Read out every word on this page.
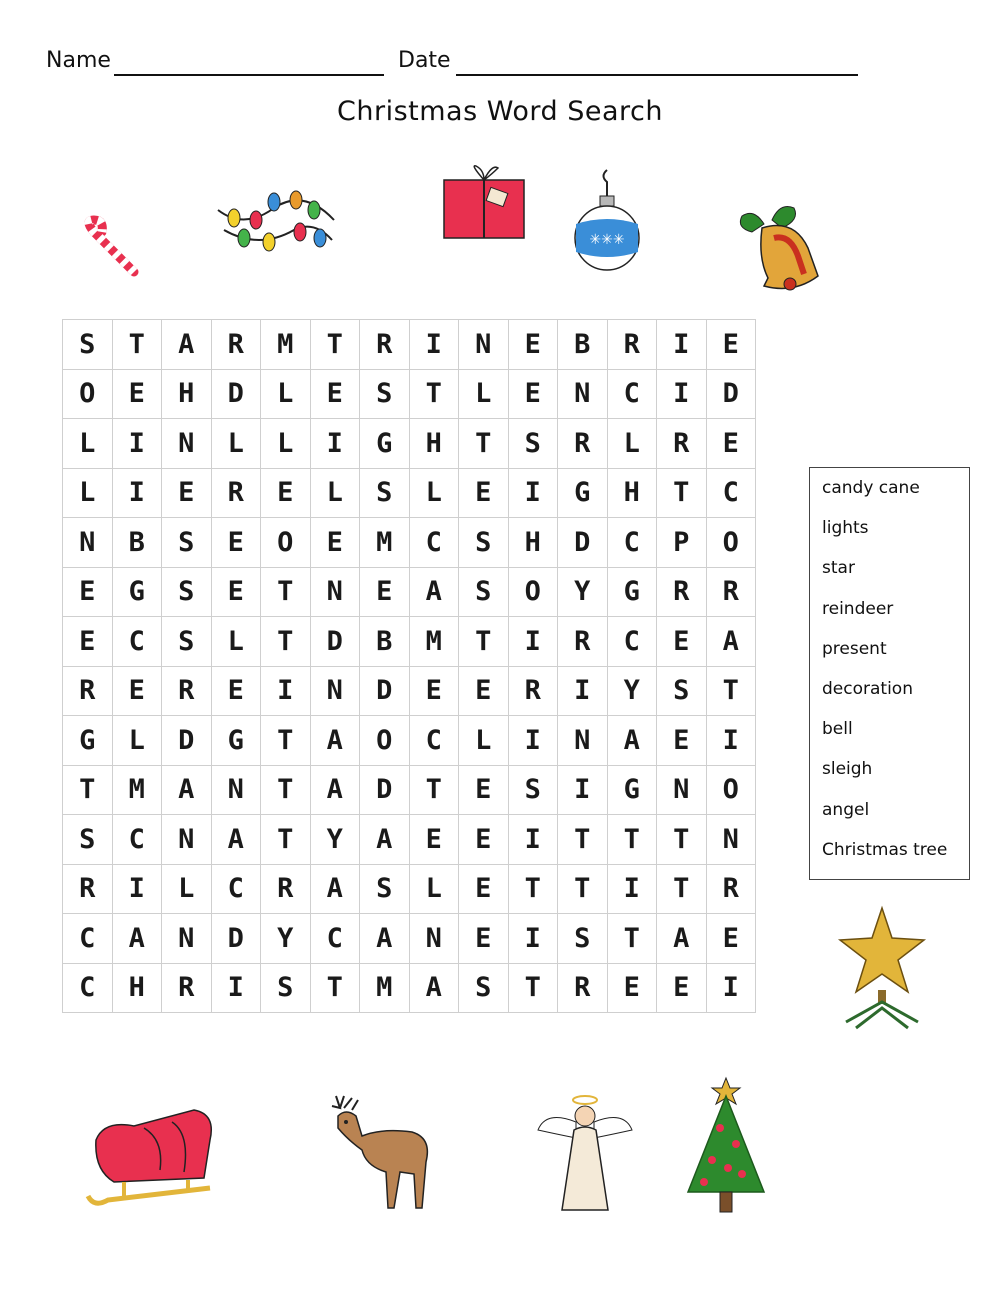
Name	Date
Christmas Word Search
✳✳✳
S	T	A	R	M	T	R	I	N	E	B	R	I	E
O	E	H	D	L	E	S	T	L	E	N	C	I	D
L	I	N	L	L	I	G	H	T	S	R	L	R	E
L	I	E	R	E	L	S	L	E	I	G	H	T	C
N	B	S	E	O	E	M	C	S	H	D	C	P	O
E	G	S	E	T	N	E	A	S	O	Y	G	R	R
E	C	S	L	T	D	B	M	T	I	R	C	E	A
R	E	R	E	I	N	D	E	E	R	I	Y	S	T
G	L	D	G	T	A	O	C	L	I	N	A	E	I
T	M	A	N	T	A	D	T	E	S	I	G	N	O
S	C	N	A	T	Y	A	E	E	I	T	T	T	N
R	I	L	C	R	A	S	L	E	T	T	I	T	R
C	A	N	D	Y	C	A	N	E	I	S	T	A	E
C	H	R	I	S	T	M	A	S	T	R	E	E	I
candy cane
lights
star
reindeer
present
decoration
bell
sleigh
angel
Christmas tree
